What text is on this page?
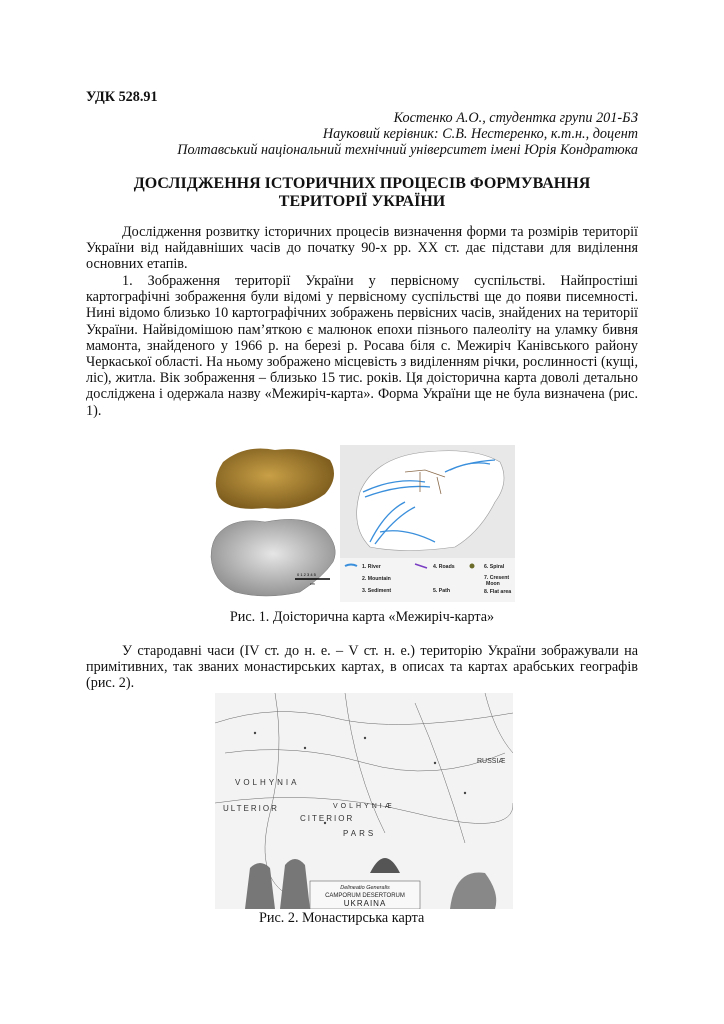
УДК 528.91
Костенко А.О., студентка групи 201-БЗ
Науковий керівник: С.В. Нестеренко, к.т.н., доцент
Полтавський національний технічний університет імені Юрія Кондратюка
ДОСЛІДЖЕННЯ ІСТОРИЧНИХ ПРОЦЕСІВ ФОРМУВАННЯ
ТЕРИТОРІЇ УКРАЇНИ
Дослідження розвитку історичних процесів визначення форми та розмірів території України від найдавніших часів до початку 90-х рр. ХХ ст. дає підстави для виділення основних етапів.
1. Зображення території України у первісному суспільстві. Найпростіші картографічні зображення були відомі у первісному суспільстві ще до появи писемності. Нині відомо близько 10 картографічних зображень первісних часів, знайдених на території України. Найвідомішою пам’яткою є малюнок епохи пізнього палеоліту на уламку бивня мамонта, знайденого у 1966 р. на березі р. Росава біля с. Межиріч Канівського району Черкаської області. На ньому зображено місцевість з виділенням річки, рослинності (кущі, ліс), житла. Вік зображення – близько 15 тис. років. Ця доісторична карта доволі детально досліджена і одержала назву «Межиріч-карта». Форма України ще не була визначена (рис. 1).
0 1 2 3 4 5
cm
1. River
2. Mountain
3. Sediment
4. Roads
5. Path
6. Spiral
7. Cresent
Moon
8. Flat area
Рис. 1. Доісторична карта «Межиріч-карта»
У стародавні часи (IV ст. до н. е. – V ст. н. е.) територію України зображували на примітивних, так званих монастирських картах, в описах та картах арабських географів (рис. 2).
VOLHYNIA
ULTERIOR	VOLHYNIÆ
CITERIOR
PARS
RUSSIÆ
Delineatio Generalis
CAMPORUM DESERTORUM
UKRAINA
Рис. 2. Монастирська карта
